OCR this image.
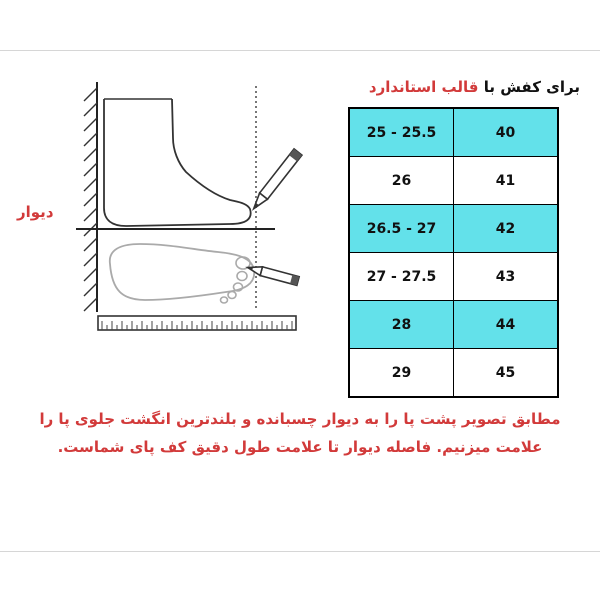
برای کفش با قالب استاندارد
25 - 25.5	40
26	41
26.5 - 27	42
27 - 27.5	43
28	44
29	45
دیوار
مطابق تصویر پشت پا را به دیوار چسبانده و بلندترین انگشت جلوی پا را
علامت میزنیم. فاصله دیوار تا علامت طول دقیق کف پای شماست.
